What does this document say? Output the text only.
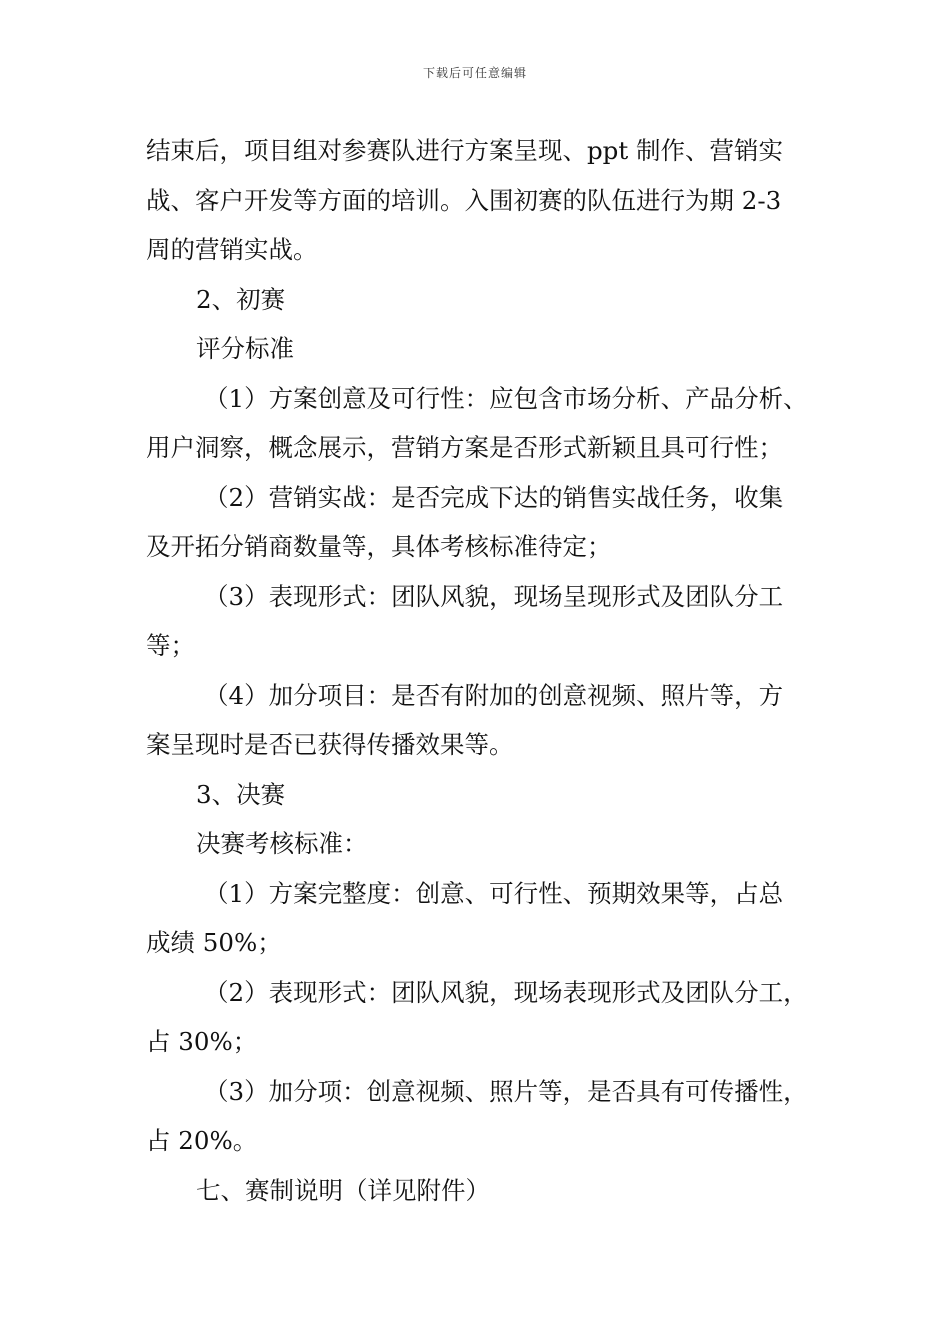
下载后可任意编辑

结束后，项目组对参赛队进行方案呈现、ppt 制作、营销实

战、客户开发等方面的培训。入围初赛的队伍进行为期 2-3

周的营销实战。

2、初赛

评分标准

（1）方案创意及可行性：应包含市场分析、产品分析、

用户洞察，概念展示，营销方案是否形式新颖且具可行性；

（2）营销实战：是否完成下达的销售实战任务，收集

及开拓分销商数量等，具体考核标准待定；

（3）表现形式：团队风貌，现场呈现形式及团队分工

等；

（4）加分项目：是否有附加的创意视频、照片等，方

案呈现时是否已获得传播效果等。

3、决赛

决赛考核标准：

（1）方案完整度：创意、可行性、预期效果等，占总

成绩 50%；

（2）表现形式：团队风貌，现场表现形式及团队分工，

占 30%；

（3）加分项：创意视频、照片等，是否具有可传播性，

占 20%。

七、赛制说明（详见附件）
